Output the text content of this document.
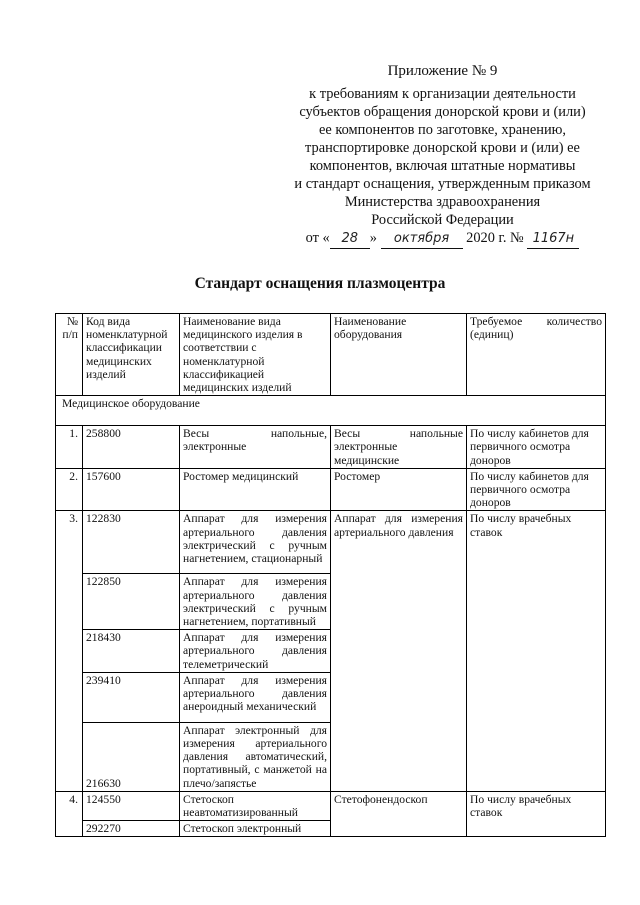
Приложение № 9
к требованиям к организации деятельности
субъектов обращения донорской крови и (или)
ее компонентов по заготовке, хранению,
транспортировке донорской крови и (или) ее
компонентов, включая штатные нормативы
и стандарт оснащения, утвержденным приказом
Министерства здравоохранения
Российской Федерации
от « 28 » октября 2020 г. № 1167н
Стандарт оснащения плазмоцентра
№ п/п	Код вида номенклатурной классификации медицинских изделий	Наименование вида медицинского изделия в соответствии с номенклатурной классификацией медицинских изделий	Наименование оборудования	Требуемое количество (единиц)
Медицинское оборудование				
1.	258800	Весы напольные, электронные	Весы напольные электронные медицинские	По числу кабинетов для первичного осмотра доноров
2.	157600	Ростомер медицинский	Ростомер	По числу кабинетов для первичного осмотра доноров
3.	122830	Аппарат для измерения артериального давления электрический с ручным нагнетением, стационарный	Аппарат для измерения артериального давления	По числу врачебных ставок
	122850	Аппарат для измерения артериального давления электрический с ручным нагнетением, портативный		
	218430	Аппарат для измерения артериального давления телеметрический		
	239410	Аппарат для измерения артериального давления анероидный механический		
	216630	Аппарат электронный для измерения артериального давления автоматический, портативный, с манжетой на плечо/запястье		
4.	124550	Стетоскоп неавтоматизированный	Стетофонендоскоп	По числу врачебных ставок
	292270	Стетоскоп электронный		
